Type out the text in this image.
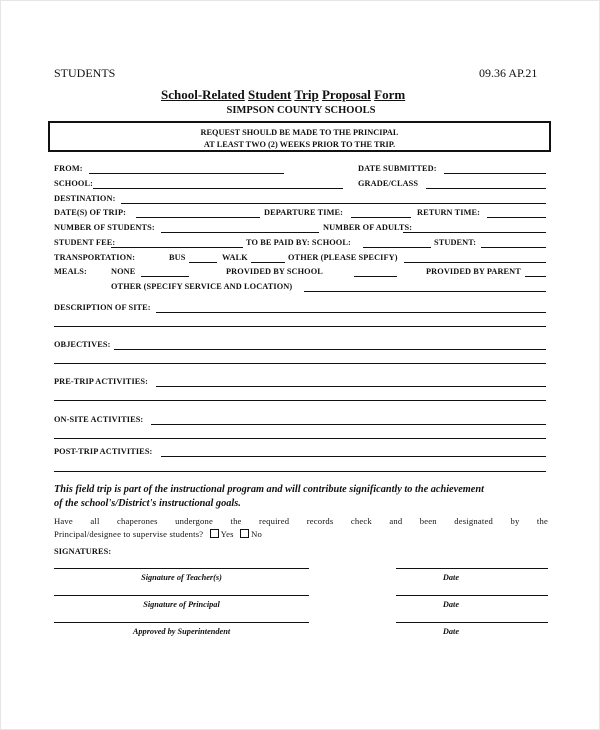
STUDENTS	09.36 AP.21
School-Related Student Trip Proposal Form
SIMPSON COUNTY SCHOOLS
REQUEST SHOULD BE MADE TO THE PRINCIPAL
AT LEAST TWO (2) WEEKS PRIOR TO THE TRIP.
FROM:	DATE SUBMITTED:
SCHOOL:	GRADE/CLASS
DESTINATION:
DATE(S) OF TRIP:	DEPARTURE TIME:	RETURN TIME:
NUMBER OF STUDENTS:	NUMBER OF ADULTS:
STUDENT FEE:	TO BE PAID BY: SCHOOL:	STUDENT:
TRANSPORTATION:	BUS	WALK	OTHER (PLEASE SPECIFY)
MEALS:	NONE	PROVIDED BY SCHOOL	PROVIDED BY PARENT
OTHER (SPECIFY SERVICE AND LOCATION)
DESCRIPTION OF SITE:
OBJECTIVES:
PRE-TRIP ACTIVITIES:
ON-SITE ACTIVITIES:
POST-TRIP ACTIVITIES:
This field trip is part of the instructional program and will contribute significantly to the achievement
of the school's/District's instructional goals.
Have all chaperones undergone the required records check and been designated by the
Principal/designee to supervise students? Yes No
SIGNATURES:
Signature of Teacher(s)	Date
Signature of Principal	Date
Approved by Superintendent	Date
